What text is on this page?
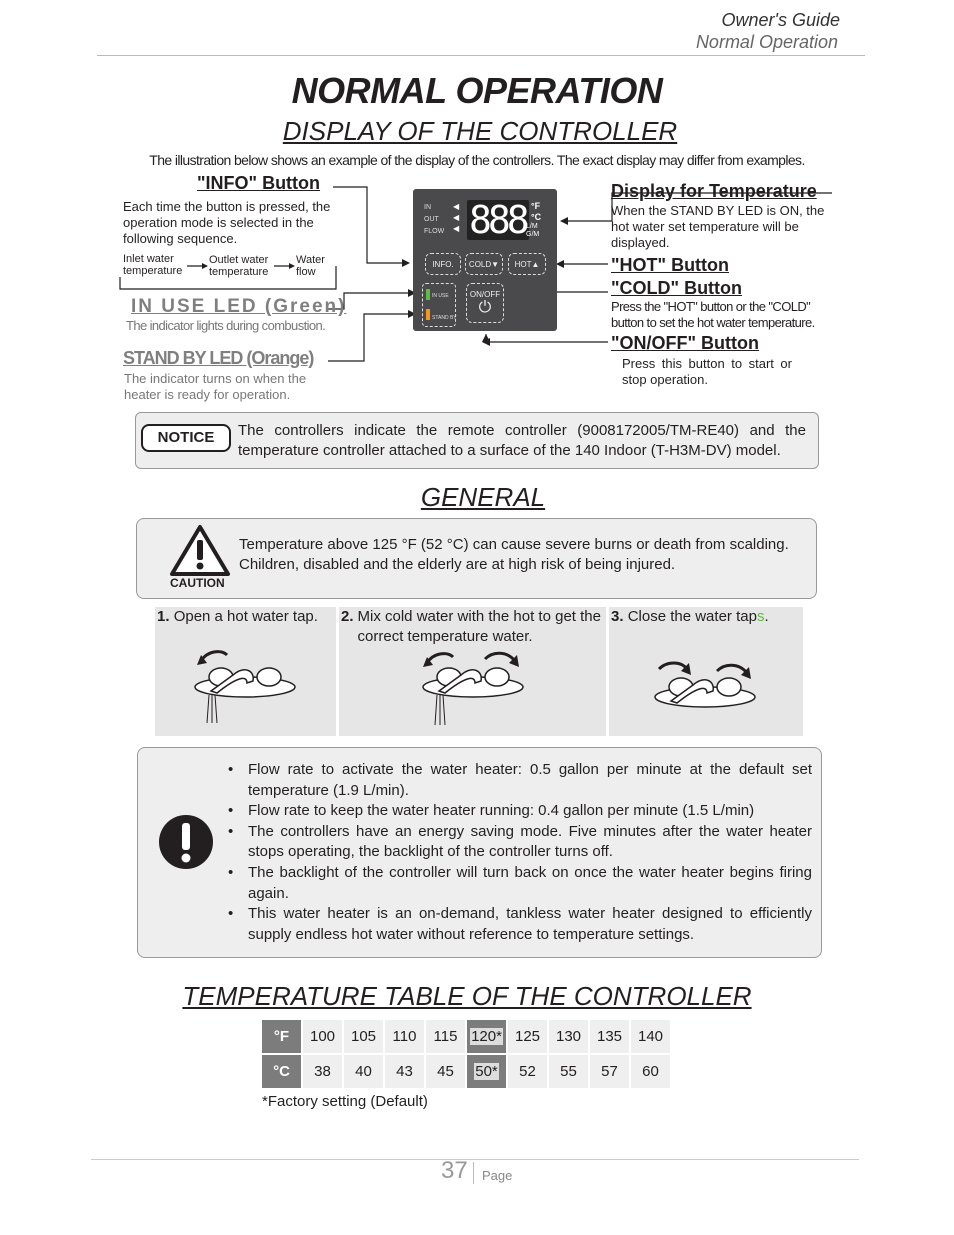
Owner's Guide
Normal Operation
NORMAL OPERATION
DISPLAY OF THE CONTROLLER
The illustration below shows an example of the display of the controllers. The exact display may differ from examples.
"INFO" Button
Each time the button is pressed, the operation mode is selected in the following sequence.
Inlet water temperature
Outlet water temperature
Water flow
IN USE LED (Green)
The indicator lights during combustion.
STAND BY LED (Orange)
The indicator turns on when the heater is ready for operation.
IN
OUT
FLOW
◀
◀
◀ 888 °F
°C
L/M
G/M
INFO.	COLD▼	HOT▲
IN USE
STAND BY
ON/OFF
⏻
Display for Temperature
When the STAND BY LED is ON, the hot water set temperature will be displayed.
"HOT" Button
"COLD" Button
Press the "HOT" button or the "COLD" button to set the hot water temperature.
"ON/OFF" Button
Press this button to start or stop operation.
NOTICE	The controllers indicate the remote controller (9008172005/TM-RE40) and the temperature controller attached to a surface of the 140 Indoor (T-H3M-DV) model.
GENERAL
CAUTION
Temperature above 125 °F (52 °C) can cause severe burns or death from scalding. Children, disabled and the elderly are at high risk of being injured.
1. Open a hot water tap.	2. Mix cold water with the hot to get the correct temperature water.
3. Close the water taps.
• Flow rate to activate the water heater: 0.5 gallon per minute at the default set temperature (1.9 L/min).
• Flow rate to keep the water heater running: 0.4 gallon per minute (1.5 L/min)
• The controllers have an energy saving mode. Five minutes after the water heater stops operating, the backlight of the controller turns off.
• The backlight of the controller will turn back on once the water heater begins firing again.
• This water heater is an on-demand, tankless water heater designed to efficiently supply endless hot water without reference to temperature settings.
TEMPERATURE TABLE OF THE CONTROLLER
°F	100	105	110	115	120*	125	130	135	140
°C	38	40	43	45	50*	52	55	57	60
*Factory setting (Default)
37 Page
